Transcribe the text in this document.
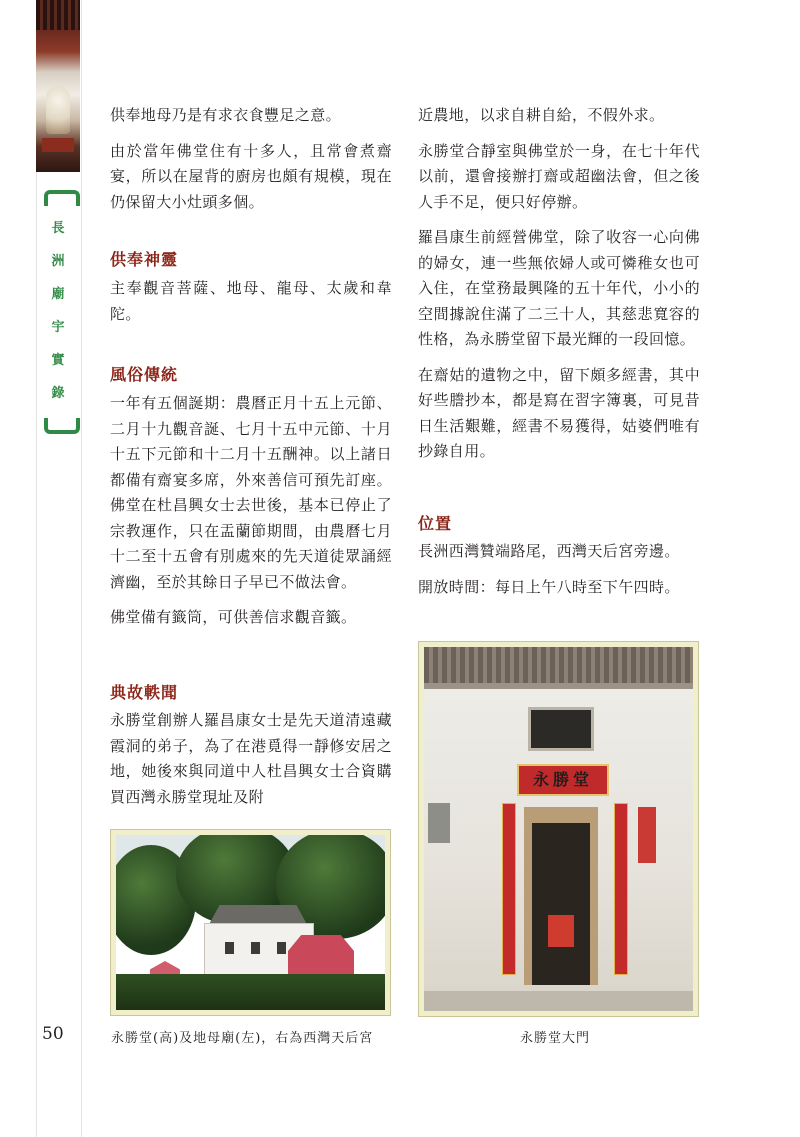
長
洲
廟
宇
實
錄
50

供奉地母乃是有求衣食豐足之意。

由於當年佛堂住有十多人，且常會煮齋宴，所以在屋背的廚房也頗有規模，現在仍保留大小灶頭多個。

供奉神靈

主奉觀音菩薩、地母、龍母、太歲和韋陀。

風俗傳統

一年有五個誕期：農曆正月十五上元節、二月十九觀音誕、七月十五中元節、十月十五下元節和十二月十五酬神。以上諸日都備有齋宴多席，外來善信可預先訂座。 佛堂在杜昌興女士去世後，基本已停止了宗教運作，只在盂蘭節期間，由農曆七月十二至十五會有別處來的先天道徒眾誦經濟幽，至於其餘日子早已不做法會。

佛堂備有籤筒，可供善信求觀音籤。

典故軼聞

永勝堂創辦人羅昌康女士是先天道清遠藏霞洞的弟子，為了在港覓得一靜修安居之地，她後來與同道中人杜昌興女士合資購買西灣永勝堂現址及附

近農地，以求自耕自給，不假外求。

永勝堂合靜室與佛堂於一身，在七十年代以前，還會接辦打齋或超幽法會，但之後人手不足，便只好停辦。

羅昌康生前經營佛堂，除了收容一心向佛的婦女，連一些無依婦人或可憐稚女也可入住，在堂務最興隆的五十年代，小小的空間據說住滿了二三十人，其慈悲寬容的性格，為永勝堂留下最光輝的一段回憶。

在齋姑的遺物之中，留下頗多經書，其中好些謄抄本，都是寫在習字簿裏，可見昔日生活艱難，經書不易獲得，姑婆們唯有抄錄自用。

位置

長洲西灣贊端路尾，西灣天后宮旁邊。

開放時間：每日上午八時至下午四時。

永勝堂
永勝堂(高)及地母廟(左)，右為西灣天后宮	永勝堂大門
